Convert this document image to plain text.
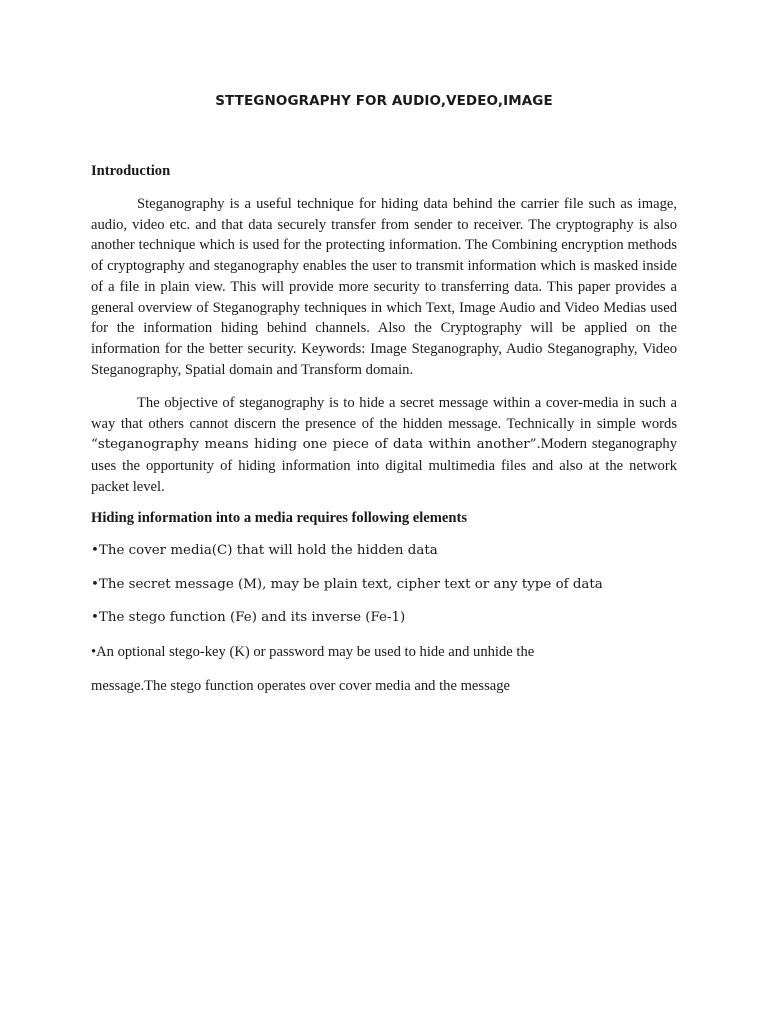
STTEGNOGRAPHY FOR AUDIO,VEDEO,IMAGE
Introduction

Steganography is a useful technique for hiding data behind the carrier file such as image, audio, video etc. and that data securely transfer from sender to receiver. The cryptography is also another technique which is used for the protecting information. The Combining encryption methods of cryptography and steganography enables the user to transmit information which is masked inside of a file in plain view. This will provide more security to transferring data. This paper provides a general overview of Steganography techniques in which Text, Image Audio and Video Medias used for the information hiding behind channels. Also the Cryptography will be applied on the information for the better security. Keywords: Image Steganography, Audio Steganography, Video Steganography, Spatial domain and Transform domain.

The objective of steganography is to hide a secret message within a cover-media in such a way that others cannot discern the presence of the hidden message. Technically in simple words “steganography means hiding one piece of data within another”.Modern steganography uses the opportunity of hiding information into digital multimedia files and also at the network packet level.

Hiding information into a media requires following elements
•The cover media(C) that will hold the hidden data
•The secret message (M), may be plain text, cipher text or any type of data
•The stego function (Fe) and its inverse (Fe-1)
•An optional stego-key (K) or password may be used to hide and unhide the
message.The stego function operates over cover media and the message
